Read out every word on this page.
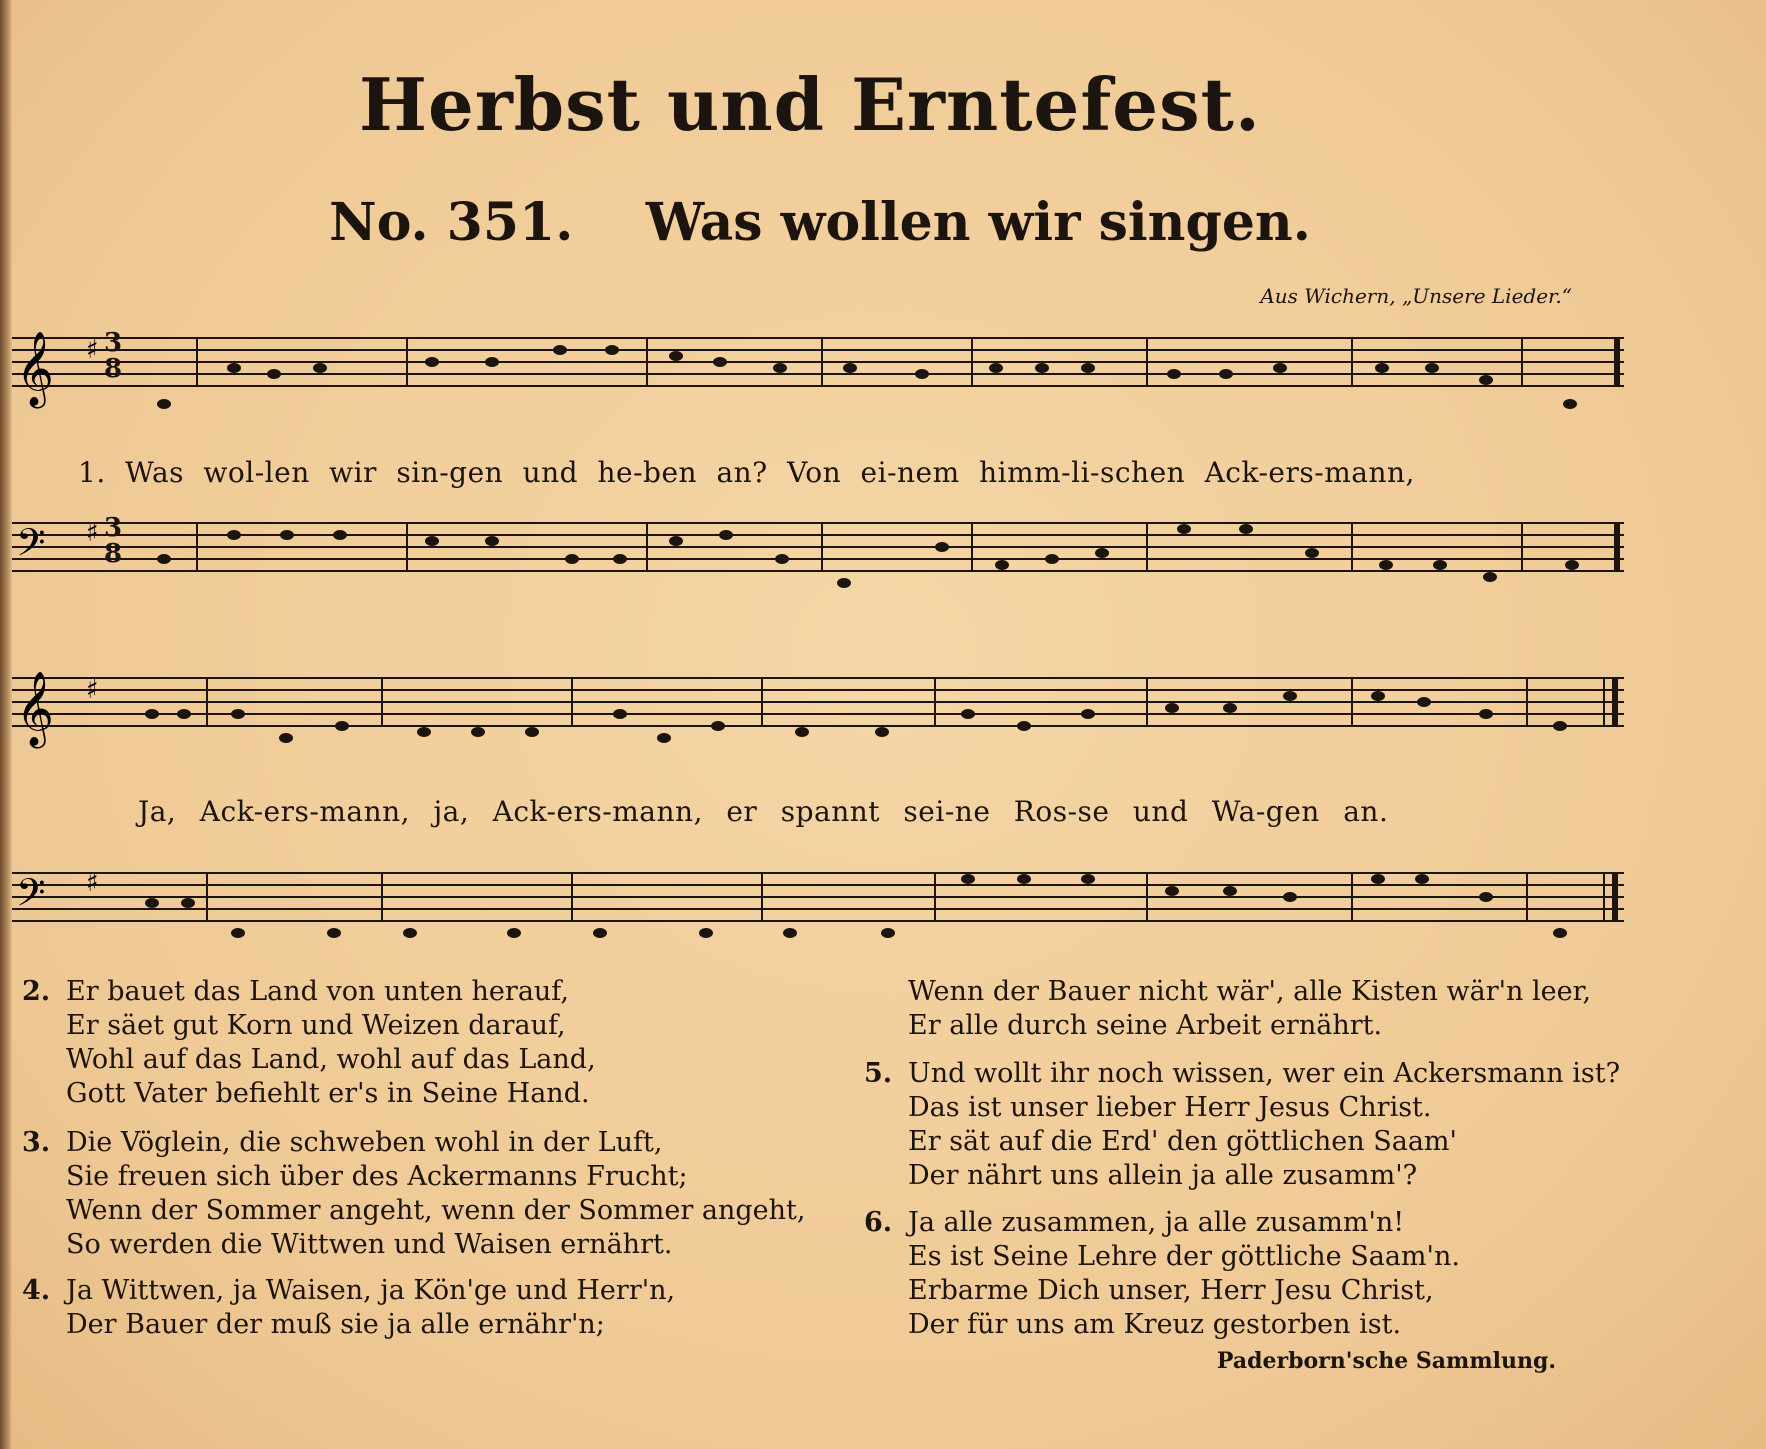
Herbst und Erntefest.
No. 351. Was wollen wir singen.
Aus Wichern, „Unsere Lieder.“
𝄞
𝄢
♯
♯
3
8
3
8
1. Was wol-len wir sin-gen und he-ben an? Von ei-nem himm-li-schen Ack-ers-mann,
𝄞
𝄢
♯
♯
Ja, Ack-ers-mann, ja, Ack-ers-mann, er spannt sei-ne Ros-se und Wa-gen an.
2. Er bauet das Land von unten herauf,
Er säet gut Korn und Weizen darauf,
Wohl auf das Land, wohl auf das Land,
Gott Vater befiehlt er's in Seine Hand.
3. Die Vöglein, die schweben wohl in der Luft,
Sie freuen sich über des Ackermanns Frucht;
Wenn der Sommer angeht, wenn der Sommer angeht,
So werden die Wittwen und Waisen ernährt.
4. Ja Wittwen, ja Waisen, ja Kön'ge und Herr'n,
Der Bauer der muß sie ja alle ernähr'n;
Wenn der Bauer nicht wär', alle Kisten wär'n leer,
Er alle durch seine Arbeit ernährt.
5. Und wollt ihr noch wissen, wer ein Ackersmann ist?
Das ist unser lieber Herr Jesus Christ.
Er sät auf die Erd' den göttlichen Saam'
Der nährt uns allein ja alle zusamm'?
6. Ja alle zusammen, ja alle zusamm'n!
Es ist Seine Lehre der göttliche Saam'n.
Erbarme Dich unser, Herr Jesu Christ,
Der für uns am Kreuz gestorben ist.
Paderborn'sche Sammlung.
